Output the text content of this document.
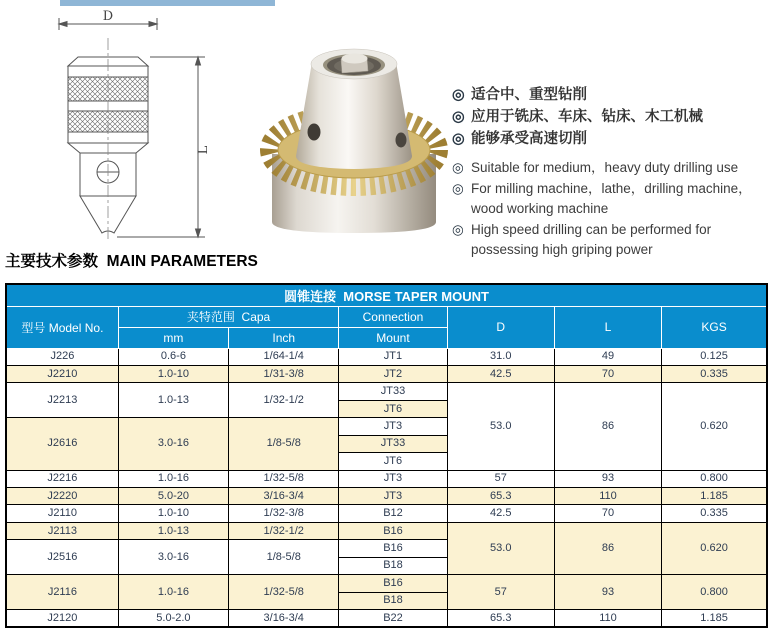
D
L
◎ 适合中、重型钻削
◎ 应用于铣床、车床、钻床、木工机械
◎ 能够承受高速切削
◎ Suitable for medium，heavy duty drilling use
◎ For milling machine，lathe，drilling machine，wood working machine
◎ High speed drilling can be performed for possessing high griping power
主要技术参数  MAIN PARAMETERS
圆锥连接  MORSE TAPER MOUNT						
型号 Model No.	夹特范围  Capa		Connection	D	L	KGS
	mm	Inch	Mount			
J226	0.6-6	1/64-1/4	JT1	31.0	49	0.125
J2210	1.0-10	1/31-3/8	JT2	42.5	70	0.335
J2213	1.0-13	1/32-1/2	JT33	53.0	86	0.620
			JT6			
J2616	3.0-16	1/8-5/8	JT3			
			JT33			
			JT6			
J2216	1.0-16	1/32-5/8	JT3	57	93	0.800
J2220	5.0-20	3/16-3/4	JT3	65.3	110	1.185
J2110	1.0-10	1/32-3/8	B12	42.5	70	0.335
J2113	1.0-13	1/32-1/2	B16	53.0	86	0.620
J2516	3.0-16	1/8-5/8	B16			
			B18			
J2116	1.0-16	1/32-5/8	B16	57	93	0.800
			B18			
J2120	5.0-2.0	3/16-3/4	B22	65.3	110	1.185
